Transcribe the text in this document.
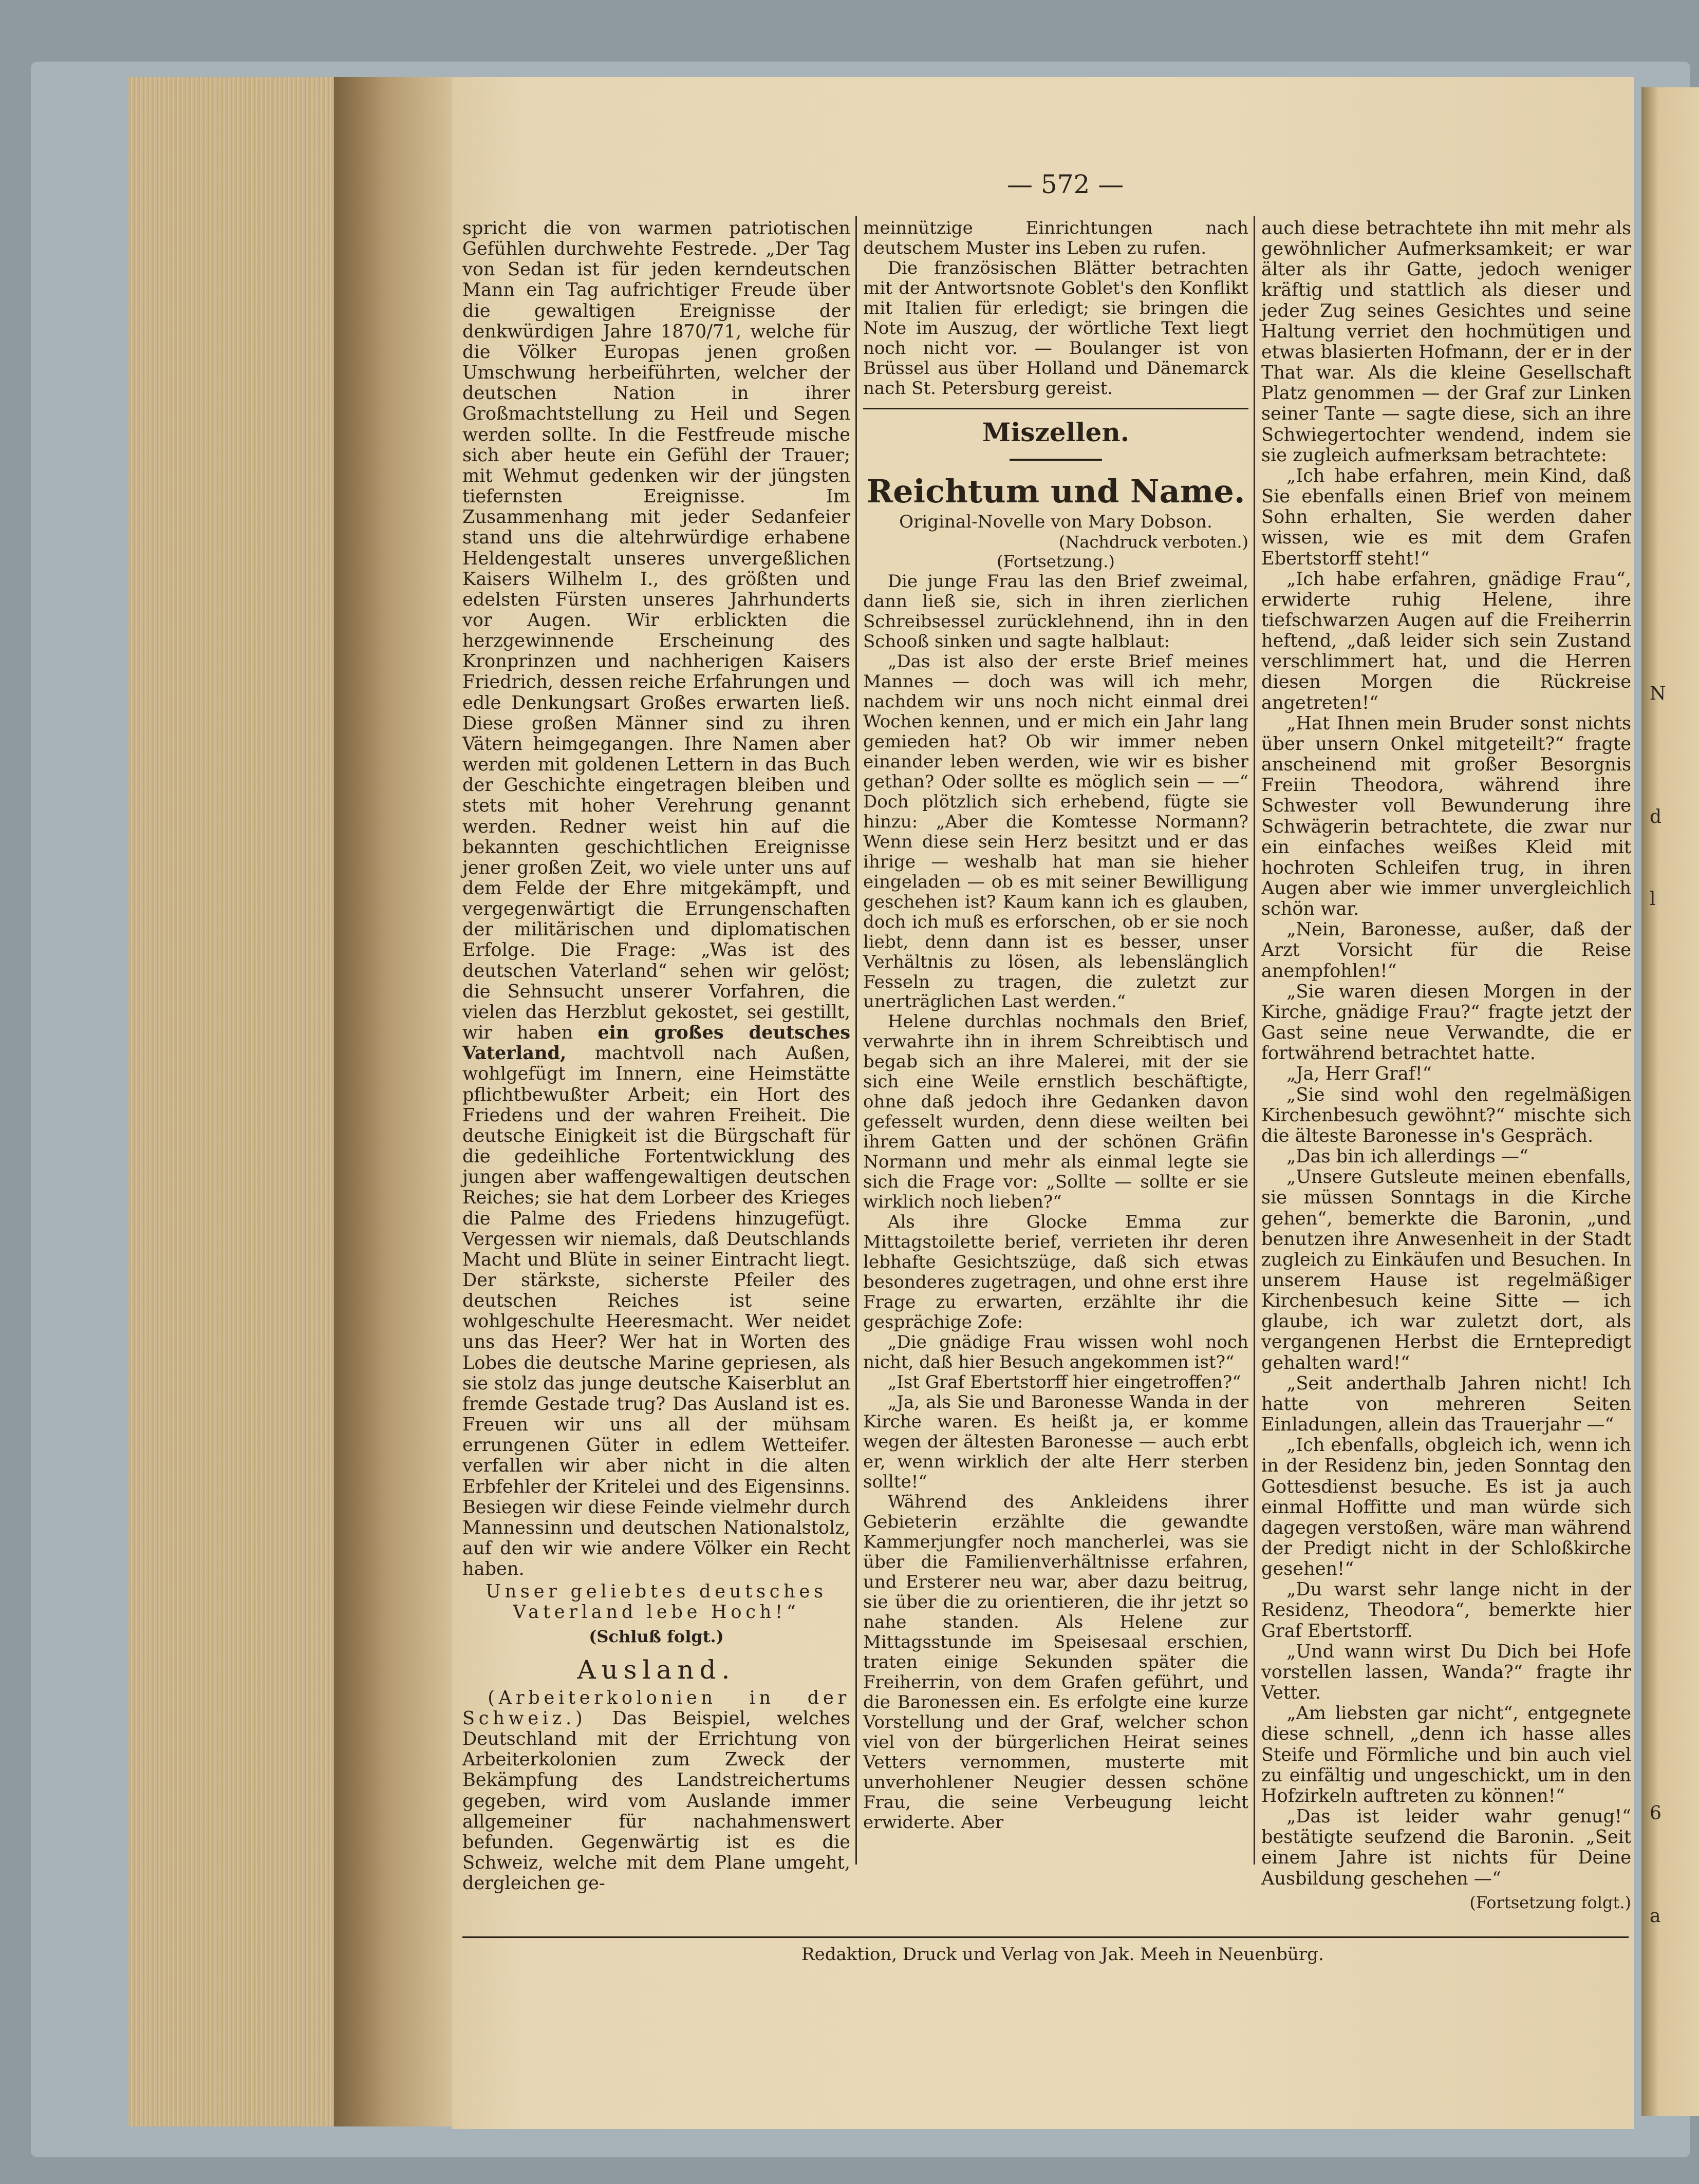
N
d
l
6
a
— 572 —

spricht die von warmen patriotischen Gefühlen durchwehte Festrede. „Der Tag von Sedan ist für jeden kerndeutschen Mann ein Tag aufrichtiger Freude über die gewaltigen Ereignisse der denkwürdigen Jahre 1870/71, welche für die Völker Europas jenen großen Umschwung herbeiführten, welcher der deutschen Nation in ihrer Großmachtstellung zu Heil und Segen werden sollte. In die Festfreude mische sich aber heute ein Gefühl der Trauer; mit Wehmut gedenken wir der jüngsten tiefernsten Ereignisse. Im Zusammenhang mit jeder Sedanfeier stand uns die altehrwürdige erhabene Heldengestalt unseres unvergeßlichen Kaisers Wilhelm I., des größten und edelsten Fürsten unseres Jahrhunderts vor Augen. Wir erblickten die herzgewinnende Erscheinung des Kronprinzen und nachherigen Kaisers Friedrich, dessen reiche Erfahrungen und edle Denkungsart Großes erwarten ließ. Diese großen Männer sind zu ihren Vätern heimgegangen. Ihre Namen aber werden mit goldenen Lettern in das Buch der Geschichte eingetragen bleiben und stets mit hoher Verehrung genannt werden. Redner weist hin auf die bekannten geschichtlichen Ereignisse jener großen Zeit, wo viele unter uns auf dem Felde der Ehre mitgekämpft, und vergegenwärtigt die Errungenschaften der militärischen und diplomatischen Erfolge. Die Frage: „Was ist des deutschen Vaterland“ sehen wir gelöst; die Sehnsucht unserer Vorfahren, die vielen das Herzblut gekostet, sei gestillt, wir haben ein großes deutsches Vaterland, machtvoll nach Außen, wohlgefügt im Innern, eine Heimstätte pflichtbewußter Arbeit; ein Hort des Friedens und der wahren Freiheit. Die deutsche Einigkeit ist die Bürgschaft für die gedeihliche Fortentwicklung des jungen aber waffengewaltigen deutschen Reiches; sie hat dem Lorbeer des Krieges die Palme des Friedens hinzugefügt. Vergessen wir niemals, daß Deutschlands Macht und Blüte in seiner Eintracht liegt. Der stärkste, sicherste Pfeiler des deutschen Reiches ist seine wohlgeschulte Heeresmacht. Wer neidet uns das Heer? Wer hat in Worten des Lobes die deutsche Marine gepriesen, als sie stolz das junge deutsche Kaiserblut an fremde Gestade trug? Das Ausland ist es. Freuen wir uns all der mühsam errungenen Güter in edlem Wetteifer. verfallen wir aber nicht in die alten Erbfehler der Kritelei und des Eigensinns. Besiegen wir diese Feinde vielmehr durch Mannessinn und deutschen Nationalstolz, auf den wir wie andere Völker ein Recht haben.

Unser geliebtes deutsches Vaterland lebe Hoch!“

(Schluß folgt.)

Ausland.

(Arbeiterkolonien in der Schweiz.) Das Beispiel, welches Deutschland mit der Errichtung von Arbeiterkolonien zum Zweck der Bekämpfung des Landstreichertums gegeben, wird vom Auslande immer allgemeiner für nachahmenswert befunden. Gegenwärtig ist es die Schweiz, welche mit dem Plane umgeht, dergleichen ge-

meinnützige Einrichtungen nach deutschem Muster ins Leben zu rufen.

Die französischen Blätter betrachten mit der Antwortsnote Goblet's den Konflikt mit Italien für erledigt; sie bringen die Note im Auszug, der wörtliche Text liegt noch nicht vor. — Boulanger ist von Brüssel aus über Holland und Dänemarck nach St. Petersburg gereist.

Miszellen.

Reichtum und Name.

Original-Novelle von Mary Dobson.

(Nachdruck verboten.)

(Fortsetzung.)

Die junge Frau las den Brief zweimal, dann ließ sie, sich in ihren zierlichen Schreibsessel zurücklehnend, ihn in den Schooß sinken und sagte halblaut:

„Das ist also der erste Brief meines Mannes — doch was will ich mehr, nachdem wir uns noch nicht einmal drei Wochen kennen, und er mich ein Jahr lang gemieden hat? Ob wir immer neben einander leben werden, wie wir es bisher gethan? Oder sollte es möglich sein — —“ Doch plötzlich sich erhebend, fügte sie hinzu: „Aber die Komtesse Normann? Wenn diese sein Herz besitzt und er das ihrige — weshalb hat man sie hieher eingeladen — ob es mit seiner Bewilligung geschehen ist? Kaum kann ich es glauben, doch ich muß es erforschen, ob er sie noch liebt, denn dann ist es besser, unser Verhältnis zu lösen, als lebenslänglich Fesseln zu tragen, die zuletzt zur unerträglichen Last werden.“

Helene durchlas nochmals den Brief, verwahrte ihn in ihrem Schreibtisch und begab sich an ihre Malerei, mit der sie sich eine Weile ernstlich beschäftigte, ohne daß jedoch ihre Gedanken davon gefesselt wurden, denn diese weilten bei ihrem Gatten und der schönen Gräfin Normann und mehr als einmal legte sie sich die Frage vor: „Sollte — sollte er sie wirklich noch lieben?“

Als ihre Glocke Emma zur Mittagstoilette berief, verrieten ihr deren lebhafte Gesichtszüge, daß sich etwas besonderes zugetragen, und ohne erst ihre Frage zu erwarten, erzählte ihr die gesprächige Zofe:

„Die gnädige Frau wissen wohl noch nicht, daß hier Besuch angekommen ist?“

„Ist Graf Ebertstorff hier eingetroffen?“

„Ja, als Sie und Baronesse Wanda in der Kirche waren. Es heißt ja, er komme wegen der ältesten Baronesse — auch erbt er, wenn wirklich der alte Herr sterben sollte!“

Während des Ankleidens ihrer Gebieterin erzählte die gewandte Kammerjungfer noch mancherlei, was sie über die Familienverhältnisse erfahren, und Ersterer neu war, aber dazu beitrug, sie über die zu orientieren, die ihr jetzt so nahe standen. Als Helene zur Mittagsstunde im Speisesaal erschien, traten einige Sekunden später die Freiherrin, von dem Grafen geführt, und die Baronessen ein. Es erfolgte eine kurze Vorstellung und der Graf, welcher schon viel von der bürgerlichen Heirat seines Vetters vernommen, musterte mit unverhohlener Neugier dessen schöne Frau, die seine Verbeugung leicht erwiderte. Aber

auch diese betrachtete ihn mit mehr als gewöhnlicher Aufmerksamkeit; er war älter als ihr Gatte, jedoch weniger kräftig und stattlich als dieser und jeder Zug seines Gesichtes und seine Haltung verriet den hochmütigen und etwas blasierten Hofmann, der er in der That war. Als die kleine Gesellschaft Platz genommen — der Graf zur Linken seiner Tante — sagte diese, sich an ihre Schwiegertochter wendend, indem sie sie zugleich aufmerksam betrachtete:

„Ich habe erfahren, mein Kind, daß Sie ebenfalls einen Brief von meinem Sohn erhalten, Sie werden daher wissen, wie es mit dem Grafen Ebertstorff steht!“

„Ich habe erfahren, gnädige Frau“, erwiderte ruhig Helene, ihre tiefschwarzen Augen auf die Freiherrin heftend, „daß leider sich sein Zustand verschlimmert hat, und die Herren diesen Morgen die Rückreise angetreten!“

„Hat Ihnen mein Bruder sonst nichts über unsern Onkel mitgeteilt?“ fragte anscheinend mit großer Besorgnis Freiin Theodora, während ihre Schwester voll Bewunderung ihre Schwägerin betrachtete, die zwar nur ein einfaches weißes Kleid mit hochroten Schleifen trug, in ihren Augen aber wie immer unvergleichlich schön war.

„Nein, Baronesse, außer, daß der Arzt Vorsicht für die Reise anempfohlen!“

„Sie waren diesen Morgen in der Kirche, gnädige Frau?“ fragte jetzt der Gast seine neue Verwandte, die er fortwährend betrachtet hatte.

„Ja, Herr Graf!“

„Sie sind wohl den regelmäßigen Kirchenbesuch gewöhnt?“ mischte sich die älteste Baronesse in's Gespräch.

„Das bin ich allerdings —“

„Unsere Gutsleute meinen ebenfalls, sie müssen Sonntags in die Kirche gehen“, bemerkte die Baronin, „und benutzen ihre Anwesenheit in der Stadt zugleich zu Einkäufen und Besuchen. In unserem Hause ist regelmäßiger Kirchenbesuch keine Sitte — ich glaube, ich war zuletzt dort, als vergangenen Herbst die Erntepredigt gehalten ward!“

„Seit anderthalb Jahren nicht! Ich hatte von mehreren Seiten Einladungen, allein das Trauerjahr —“

„Ich ebenfalls, obgleich ich, wenn ich in der Residenz bin, jeden Sonntag den Gottesdienst besuche. Es ist ja auch einmal Hoffitte und man würde sich dagegen verstoßen, wäre man während der Predigt nicht in der Schloßkirche gesehen!“

„Du warst sehr lange nicht in der Residenz, Theodora“, bemerkte hier Graf Ebertstorff.

„Und wann wirst Du Dich bei Hofe vorstellen lassen, Wanda?“ fragte ihr Vetter.

„Am liebsten gar nicht“, entgegnete diese schnell, „denn ich hasse alles Steife und Förmliche und bin auch viel zu einfältig und ungeschickt, um in den Hofzirkeln auftreten zu können!“

„Das ist leider wahr genug!“ bestätigte seufzend die Baronin. „Seit einem Jahre ist nichts für Deine Ausbildung geschehen —“

(Fortsetzung folgt.)

Redaktion, Druck und Verlag von Jak. Meeh in Neuenbürg.
